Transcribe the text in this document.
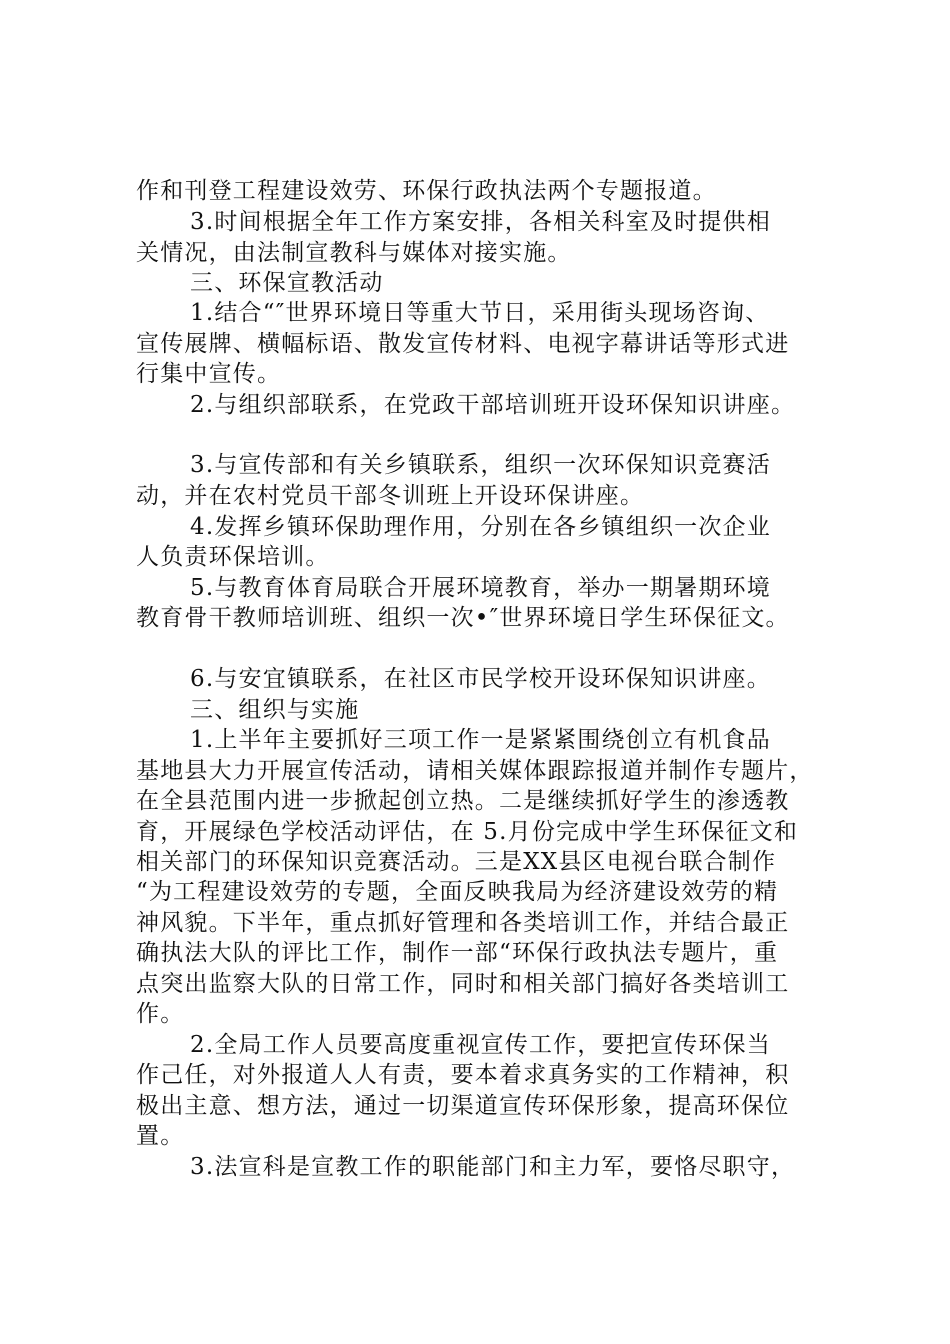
作和刊登工程建设效劳、环保行政执法两个专题报道。

3.时间根据全年工作方案安排，各相关科室及时提供相

关情况，由法制宣教科与媒体对接实施。

三、环保宣教活动

1.结合“″世界环境日等重大节日，采用街头现场咨询、

宣传展牌、横幅标语、散发宣传材料、电视字幕讲话等形式进

行集中宣传。

2.与组织部联系，在党政干部培训班开设环保知识讲座。

3.与宣传部和有关乡镇联系，组织一次环保知识竞赛活

动，并在农村党员干部冬训班上开设环保讲座。

4.发挥乡镇环保助理作用，分别在各乡镇组织一次企业

人负责环保培训。

5.与教育体育局联合开展环境教育，举办一期暑期环境

教育骨干教师培训班、组织一次•″世界环境日学生环保征文。

6.与安宜镇联系，在社区市民学校开设环保知识讲座。

三、组织与实施

1.上半年主要抓好三项工作一是紧紧围绕创立有机食品

基地县大力开展宣传活动，请相关媒体跟踪报道并制作专题片，

在全县范围内进一步掀起创立热。二是继续抓好学生的渗透教

育，开展绿色学校活动评估，在 5.月份完成中学生环保征文和

相关部门的环保知识竞赛活动。三是XX县区电视台联合制作

“为工程建设效劳的专题，全面反映我局为经济建设效劳的精

神风貌。下半年，重点抓好管理和各类培训工作，并结合最正

确执法大队的评比工作，制作一部“环保行政执法专题片，重

点突出监察大队的日常工作，同时和相关部门搞好各类培训工

作。

2.全局工作人员要高度重视宣传工作，要把宣传环保当

作己任，对外报道人人有责，要本着求真务实的工作精神，积

极出主意、想方法，通过一切渠道宣传环保形象，提高环保位

置。

3.法宣科是宣教工作的职能部门和主力军，要恪尽职守，
